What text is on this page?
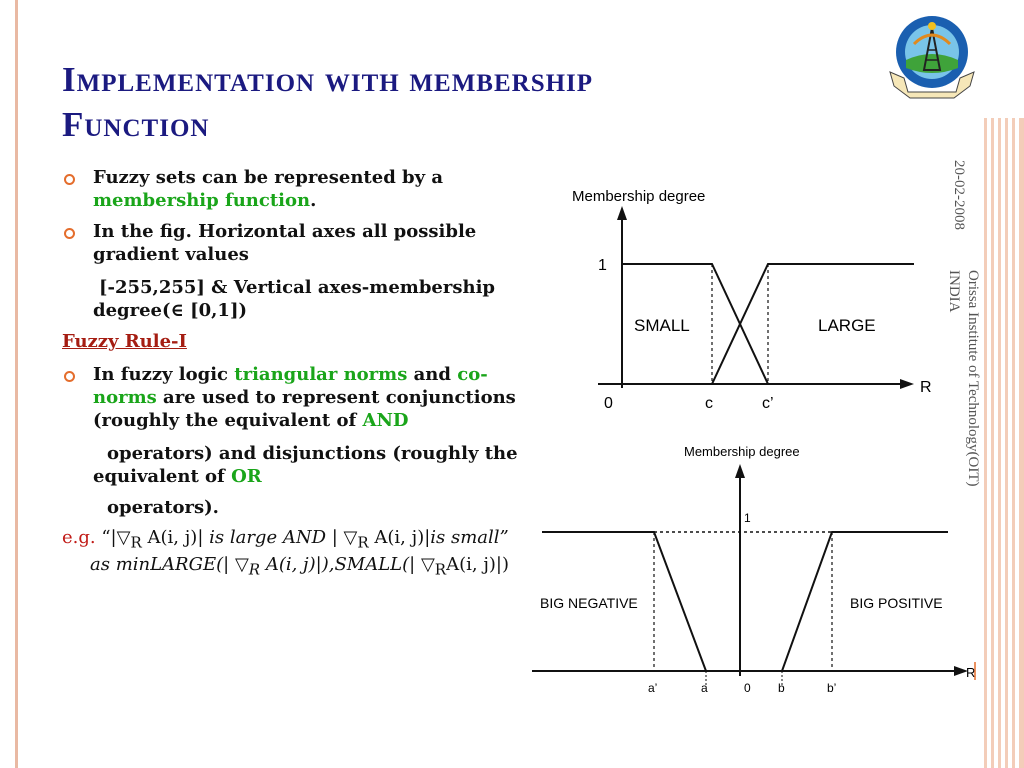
Implementation with membership
Function
20-02-2008
Orissa Institute of Technology(OIT)
INDIA
Fuzzy sets can be represented by a membership function.
In the fig. Horizontal axes all possible gradient values
[-255,255] & Vertical axes-membership degree(∈ [0,1])
Fuzzy Rule-I
In fuzzy logic triangular norms and co-norms are used to represent conjunctions (roughly the equivalent of AND
operators) and disjunctions (roughly the equivalent of OR
operators).
e.g. “$|▽_R$ A(i, j)| is large AND | $▽_R$ A(i, j)|is small” as minLARGE(| $▽_R$ A(i, j)|),SMALL(| $▽_RA(i$, j)|)
Membership degree
R
1
0
SMALL	LARGE
c	c’
Membership degree
R
1
BIG NEGATIVE	BIG POSITIVE
a’	a	0 b	b’
